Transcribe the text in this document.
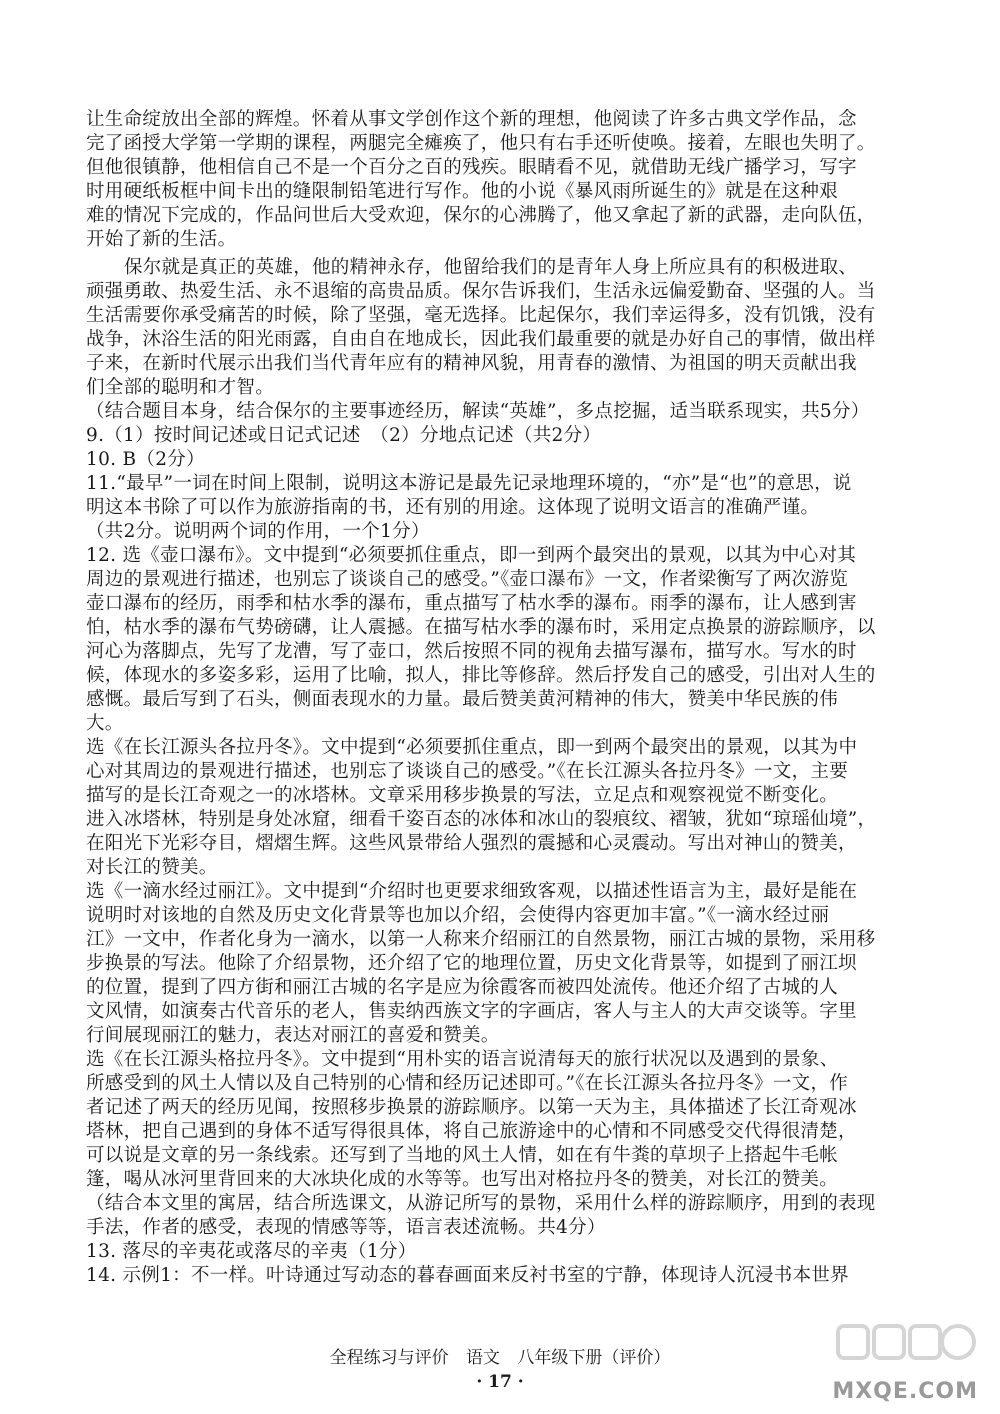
让生命绽放出全部的辉煌。怀着从事文学创作这个新的理想，他阅读了许多古典文学作品，念
完了函授大学第一学期的课程，两腿完全瘫痪了，他只有右手还听使唤。接着，左眼也失明了。
但他很镇静，他相信自己不是一个百分之百的残疾。眼睛看不见，就借助无线广播学习，写字
时用硬纸板框中间卡出的缝限制铅笔进行写作。他的小说《暴风雨所诞生的》就是在这种艰
难的情况下完成的，作品问世后大受欢迎，保尔的心沸腾了，他又拿起了新的武器，走向队伍，
开始了新的生活。
保尔就是真正的英雄，他的精神永存，他留给我们的是青年人身上所应具有的积极进取、
顽强勇敢、热爱生活、永不退缩的高贵品质。保尔告诉我们，生活永远偏爱勤奋、坚强的人。当
生活需要你承受痛苦的时候，除了坚强，毫无选择。比起保尔，我们幸运得多，没有饥饿，没有
战争，沐浴生活的阳光雨露，自由自在地成长，因此我们最重要的就是办好自己的事情，做出样
子来，在新时代展示出我们当代青年应有的精神风貌，用青春的激情、为祖国的明天贡献出我
们全部的聪明和才智。
（结合题目本身，结合保尔的主要事迹经历，解读“英雄”，多点挖掘，适当联系现实，共5分）
9.（1）按时间记述或日记式记述　（2）分地点记述（共2分）
10. B（2分）
11.“最早”一词在时间上限制，说明这本游记是最先记录地理环境的，“亦”是“也”的意思，说
明这本书除了可以作为旅游指南的书，还有别的用途。这体现了说明文语言的准确严谨。
（共2分。说明两个词的作用，一个1分）
12. 选《壶口瀑布》。文中提到“必须要抓住重点，即一到两个最突出的景观，以其为中心对其
周边的景观进行描述，也别忘了谈谈自己的感受。”《壶口瀑布》一文，作者梁衡写了两次游览
壶口瀑布的经历，雨季和枯水季的瀑布，重点描写了枯水季的瀑布。雨季的瀑布，让人感到害
怕，枯水季的瀑布气势磅礴，让人震撼。在描写枯水季的瀑布时，采用定点换景的游踪顺序，以
河心为落脚点，先写了龙漕，写了壶口，然后按照不同的视角去描写瀑布，描写水。写水的时
候，体现水的多姿多彩，运用了比喻，拟人，排比等修辞。然后抒发自己的感受，引出对人生的
感慨。最后写到了石头，侧面表现水的力量。最后赞美黄河精神的伟大，赞美中华民族的伟
大。
选《在长江源头各拉丹冬》。文中提到“必须要抓住重点，即一到两个最突出的景观，以其为中
心对其周边的景观进行描述，也别忘了谈谈自己的感受。”《在长江源头各拉丹冬》一文，主要
描写的是长江奇观之一的冰塔林。文章采用移步换景的写法，立足点和观察视觉不断变化。
进入冰塔林，特别是身处冰窟，细看千姿百态的冰体和冰山的裂痕纹、褶皱，犹如“琼瑶仙境”，
在阳光下光彩夺目，熠熠生辉。这些风景带给人强烈的震撼和心灵震动。写出对神山的赞美，
对长江的赞美。
选《一滴水经过丽江》。文中提到“介绍时也更要求细致客观，以描述性语言为主，最好是能在
说明时对该地的自然及历史文化背景等也加以介绍，会使得内容更加丰富。”《一滴水经过丽
江》一文中，作者化身为一滴水，以第一人称来介绍丽江的自然景物，丽江古城的景物，采用移
步换景的写法。他除了介绍景物，还介绍了它的地理位置，历史文化背景等，如提到了丽江坝
的位置，提到了四方街和丽江古城的名字是应为徐霞客而被四处流传。他还介绍了古城的人
文风情，如演奏古代音乐的老人，售卖纳西族文字的字画店，客人与主人的大声交谈等。字里
行间展现丽江的魅力，表达对丽江的喜爱和赞美。
选《在长江源头格拉丹冬》。文中提到“用朴实的语言说清每天的旅行状况以及遇到的景象、
所感受到的风土人情以及自己特别的心情和经历记述即可。”《在长江源头各拉丹冬》一文，作
者记述了两天的经历见闻，按照移步换景的游踪顺序。以第一天为主，具体描述了长江奇观冰
塔林，把自己遇到的身体不适写得很具体，将自己旅游途中的心情和不同感受交代得很清楚，
可以说是文章的另一条线索。还写到了当地的风土人情，如在有牛粪的草坝子上搭起牛毛帐
篷，喝从冰河里背回来的大冰块化成的水等等。也写出对格拉丹冬的赞美，对长江的赞美。
（结合本文里的寓居，结合所选课文，从游记所写的景物，采用什么样的游踪顺序，用到的表现
手法，作者的感受，表现的情感等等，语言表述流畅。共4分）
13. 落尽的辛夷花或落尽的辛夷（1分）
14. 示例1：不一样。叶诗通过写动态的暮春画面来反衬书室的宁静，体现诗人沉浸书本世界
全程练习与评价 语文 八年级下册（评价）
· 17 ·	MXQE.COM
